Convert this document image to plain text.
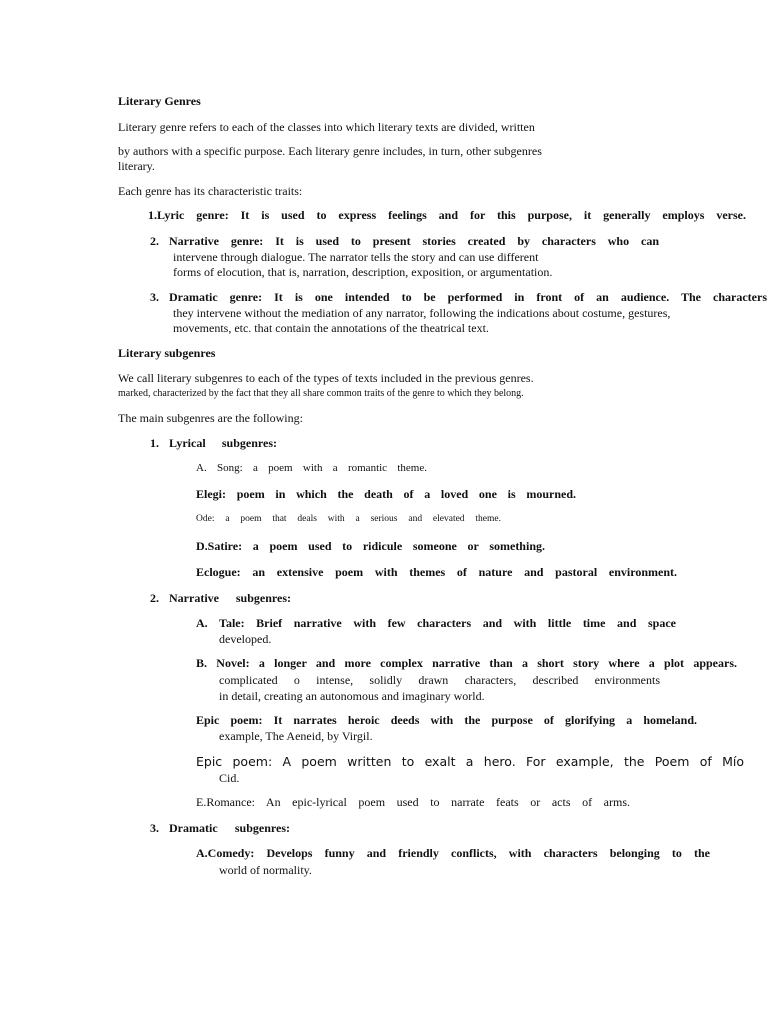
Literary Genres

Literary genre refers to each of the classes into which literary texts are divided, written

by authors with a specific purpose. Each literary genre includes, in turn, other subgenres

literary.

Each genre has its characteristic traits:

1.Lyric genre: It is used to express feelings and for this purpose, it generally employs verse.

2. Narrative genre: It is used to present stories created by characters who can

intervene through dialogue. The narrator tells the story and can use different

forms of elocution, that is, narration, description, exposition, or argumentation.

3. Dramatic genre: It is one intended to be performed in front of an audience. The characters

they intervene without the mediation of any narrator, following the indications about costume, gestures,

movements, etc. that contain the annotations of the theatrical text.

Literary subgenres

We call literary subgenres to each of the types of texts included in the previous genres.

marked, characterized by the fact that they all share common traits of the genre to which they belong.

The main subgenres are the following:

1. Lyrical subgenres:

A. Song: a poem with a romantic theme.

Elegi: poem in which the death of a loved one is mourned.

Ode: a poem that deals with a serious and elevated theme.

D.Satire: a poem used to ridicule someone or something.

Eclogue: an extensive poem with themes of nature and pastoral environment.

2. Narrative subgenres:

A. Tale: Brief narrative with few characters and with little time and space

developed.

B. Novel: a longer and more complex narrative than a short story where a plot appears.

complicated o intense, solidly drawn characters, described environments

in detail, creating an autonomous and imaginary world.

Epic poem: It narrates heroic deeds with the purpose of glorifying a homeland.

example, The Aeneid, by Virgil.

Epic poem: A poem written to exalt a hero. For example, the Poem of Mío

Cid.

E.Romance: An epic-lyrical poem used to narrate feats or acts of arms.

3. Dramatic subgenres:

A.Comedy: Develops funny and friendly conflicts, with characters belonging to the

world of normality.
